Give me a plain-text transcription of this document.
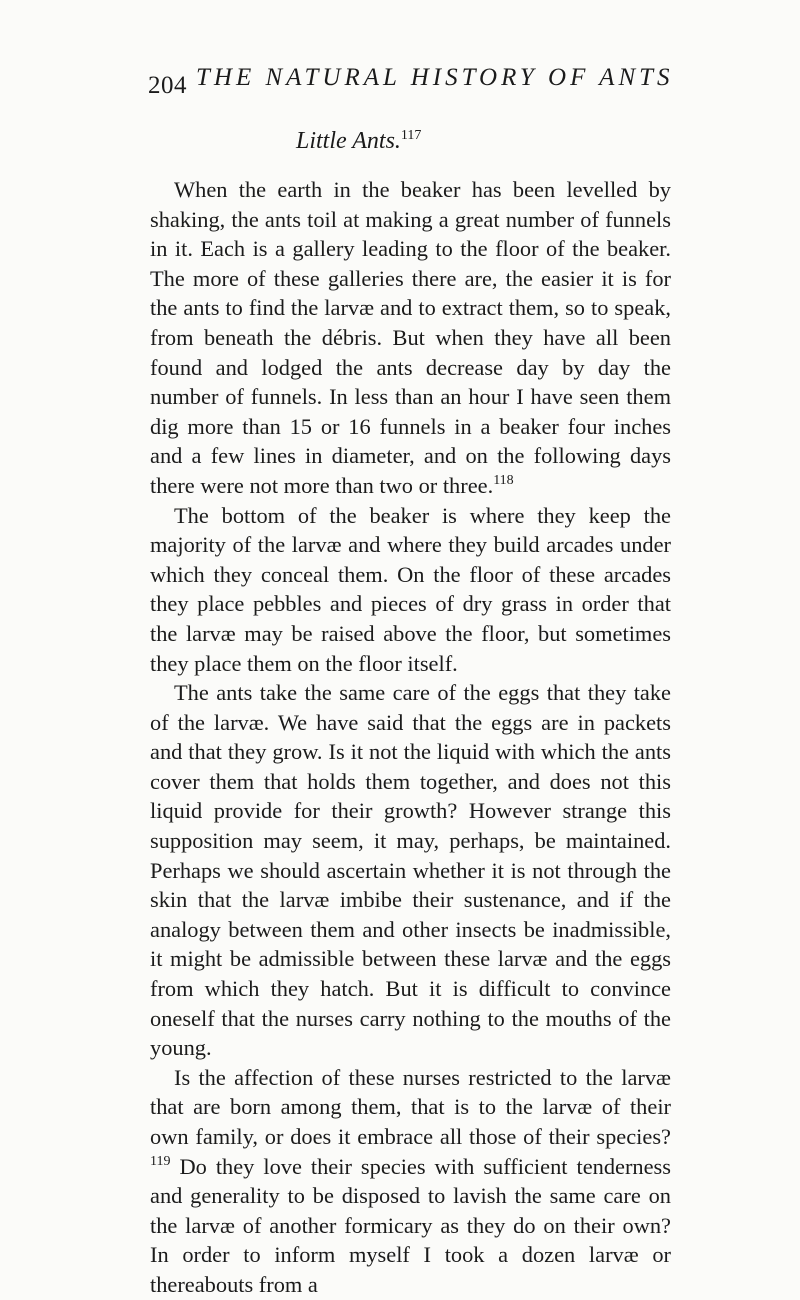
204 THE NATURAL HISTORY OF ANTS
Little Ants.$^{117}$

When the earth in the beaker has been levelled by shaking, the ants toil at making a great number of funnels in it. Each is a gallery leading to the floor of the beaker. The more of these galleries there are, the easier it is for the ants to find the larvæ and to extract them, so to speak, from beneath the débris. But when they have all been found and lodged the ants decrease day by day the number of funnels. In less than an hour I have seen them dig more than 15 or 16 funnels in a beaker four inches and a few lines in diameter, and on the following days there were not more than two or three.$^{118}$

The bottom of the beaker is where they keep the majority of the larvæ and where they build arcades under which they conceal them. On the floor of these arcades they place pebbles and pieces of dry grass in order that the larvæ may be raised above the floor, but sometimes they place them on the floor itself.

The ants take the same care of the eggs that they take of the larvæ. We have said that the eggs are in packets and that they grow. Is it not the liquid with which the ants cover them that holds them together, and does not this liquid provide for their growth? However strange this supposition may seem, it may, perhaps, be maintained. Perhaps we should ascertain whether it is not through the skin that the larvæ imbibe their sustenance, and if the analogy between them and other insects be inadmissible, it might be admissible between these larvæ and the eggs from which they hatch. But it is difficult to convince oneself that the nurses carry nothing to the mouths of the young.

Is the affection of these nurses restricted to the larvæ that are born among them, that is to the larvæ of their own family, or does it embrace all those of their species?$^{119}$ Do they love their species with sufficient tenderness and generality to be disposed to lavish the same care on the larvæ of another formicary as they do on their own? In order to inform myself I took a dozen larvæ or thereabouts from a
